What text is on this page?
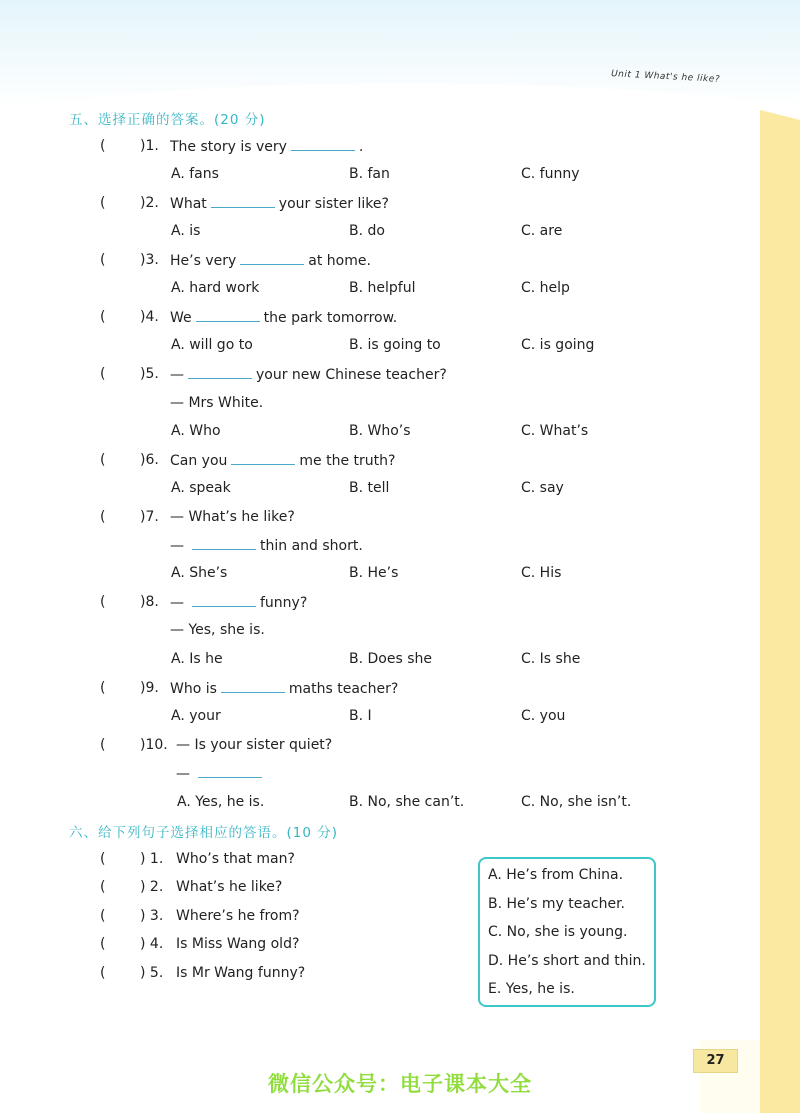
Unit 1 What's he like?
五、选择正确的答案。(20 分)
( )1. The story is very	.
A. fans	B. fan	C. funny
( )2. What	your sister like?
A. is	B. do	C. are
( )3. He’s very	at home.
A. hard work	B. helpful	C. help
( )4. We	the park tomorrow.
A. will go to	B. is going to	C. is going
( )5. —	your new Chinese teacher?
— Mrs White.
A. Who	B. Who’s	C. What’s
( )6. Can you	me the truth?
A. speak	B. tell	C. say
( )7. — What’s he like?
—	thin and short.
A. She’s	B. He’s	C. His
( )8. —	funny?
— Yes, she is.
A. Is he	B. Does she	C. Is she
( )9. Who is	maths teacher?
A. your	B. I	C. you
( )10. — Is your sister quiet?
—
A. Yes, he is.	B. No, she can’t.	C. No, she isn’t.
六、给下列句子选择相应的答语。(10 分)
( ) 1. Who’s that man?
( ) 2. What’s he like?
( ) 3. Where’s he from?
( ) 4. Is Miss Wang old?
( ) 5. Is Mr Wang funny?
A. He’s from China.
B. He’s my teacher.
C. No, she is young.
D. He’s short and thin.
E. Yes, he is.
27
微信公众号：电子课本大全
